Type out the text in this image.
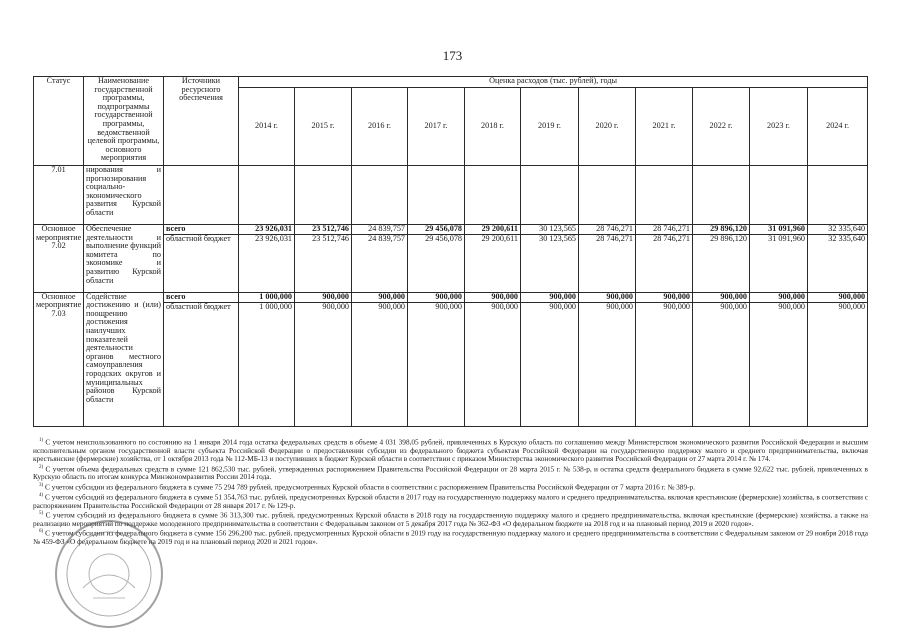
173
Статус	Наименование государственной программы, подпрограммы государственной программы, ведомственной целевой программы, основного мероприятия	Источники ресурсного обеспечения	Оценка расходов (тыс. рублей), годы										
			2014 г.	2015 г.	2016 г.	2017 г.	2018 г.	2019 г.	2020 г.	2021 г.	2022 г.	2023 г.	2024 г.
7.01	нирования и прогнозирования социально-экономического развития Курской области												
Основное мероприятие 7.02	Обеспечение деятельности и выполнение функций комитета по экономике и развитию Курской области	всего	23 926,031	23 512,746	24 839,757	29 456,078	29 200,611	30 123,565	28 746,271	28 746,271	29 896,120	31 091,960	32 335,640
		областной бюджет	23 926,031	23 512,746	24 839,757	29 456,078	29 200,611	30 123,565	28 746,271	28 746,271	29 896,120	31 091,960	32 335,640
Основное мероприятие 7.03	Содействие достижению и (или) поощрению достижения наилучших показателей деятельности органов местного самоуправления городских округов и муниципальных районов Курской области	всего	1 000,000	900,000	900,000	900,000	900,000	900,000	900,000	900,000	900,000	900,000	900,000
		областной бюджет	1 000,000	900,000	900,000	900,000	900,000	900,000	900,000	900,000	900,000	900,000	900,000

$^{1)}$ С учетом неиспользованного по состоянию на 1 января 2014 года остатка федеральных средств в объеме 4 031 398,05 рублей, привлеченных в Курскую область по соглашению между Министерством экономического развития Российской Федерации и высшим исполнительным органом государственной власти субъекта Российской Федерации о предоставлении субсидии из федерального бюджета субъектам Российской Федерации на государственную поддержку малого и среднего предпринимательства, включая крестьянские (фермерские) хозяйства, от 1 октября 2013 года № 112-МБ-13 и поступивших в бюджет Курской области в соответствии с приказом Министерства экономического развития Российской Федерации от 27 марта 2014 г. № 174.

$^{2)}$ С учетом объема федеральных средств в сумме 121 862,530 тыс. рублей, утвержденных распоряжением Правительства Российской Федерации от 28 марта 2015 г. № 538-р, и остатка средств федерального бюджета в сумме 92,622 тыс. рублей, привлеченных в Курскую область по итогам конкурса Минэкономразвития России 2014 года.

$^{3)}$ С учетом субсидии из федерального бюджета в сумме 75 294 789 рублей, предусмотренных Курской области в соответствии с распоряжением Правительства Российской Федерации от 7 марта 2016 г. № 389-р.

$^{4)}$ С учетом субсидий из федерального бюджета в сумме 51 354,763 тыс. рублей, предусмотренных Курской области в 2017 году на государственную поддержку малого и среднего предпринимательства, включая крестьянские (фермерские) хозяйства, в соответствии с распоряжением Правительства Российской Федерации от 28 января 2017 г. № 129-р.

$^{5)}$ С учетом субсидий из федерального бюджета в сумме 36 313,300 тыс. рублей, предусмотренных Курской области в 2018 году на государственную поддержку малого и среднего предпринимательства, включая крестьянские (фермерские) хозяйства, а также на реализацию мероприятий по поддержке молодежного предпринимательства в соответствии с Федеральным законом от 5 декабря 2017 года № 362-ФЗ «О федеральном бюджете на 2018 год и на плановый период 2019 и 2020 годов».

$^{6)}$ С учетом субсидии из федерального бюджета в сумме 156 296,200 тыс. рублей, предусмотренных Курской области в 2019 году на государственную поддержку малого и среднего предпринимательства в соответствии с Федеральным законом от 29 ноября 2018 года № 459-ФЗ «О федеральном бюджете на 2019 год и на плановый период 2020 и 2021 годов».
